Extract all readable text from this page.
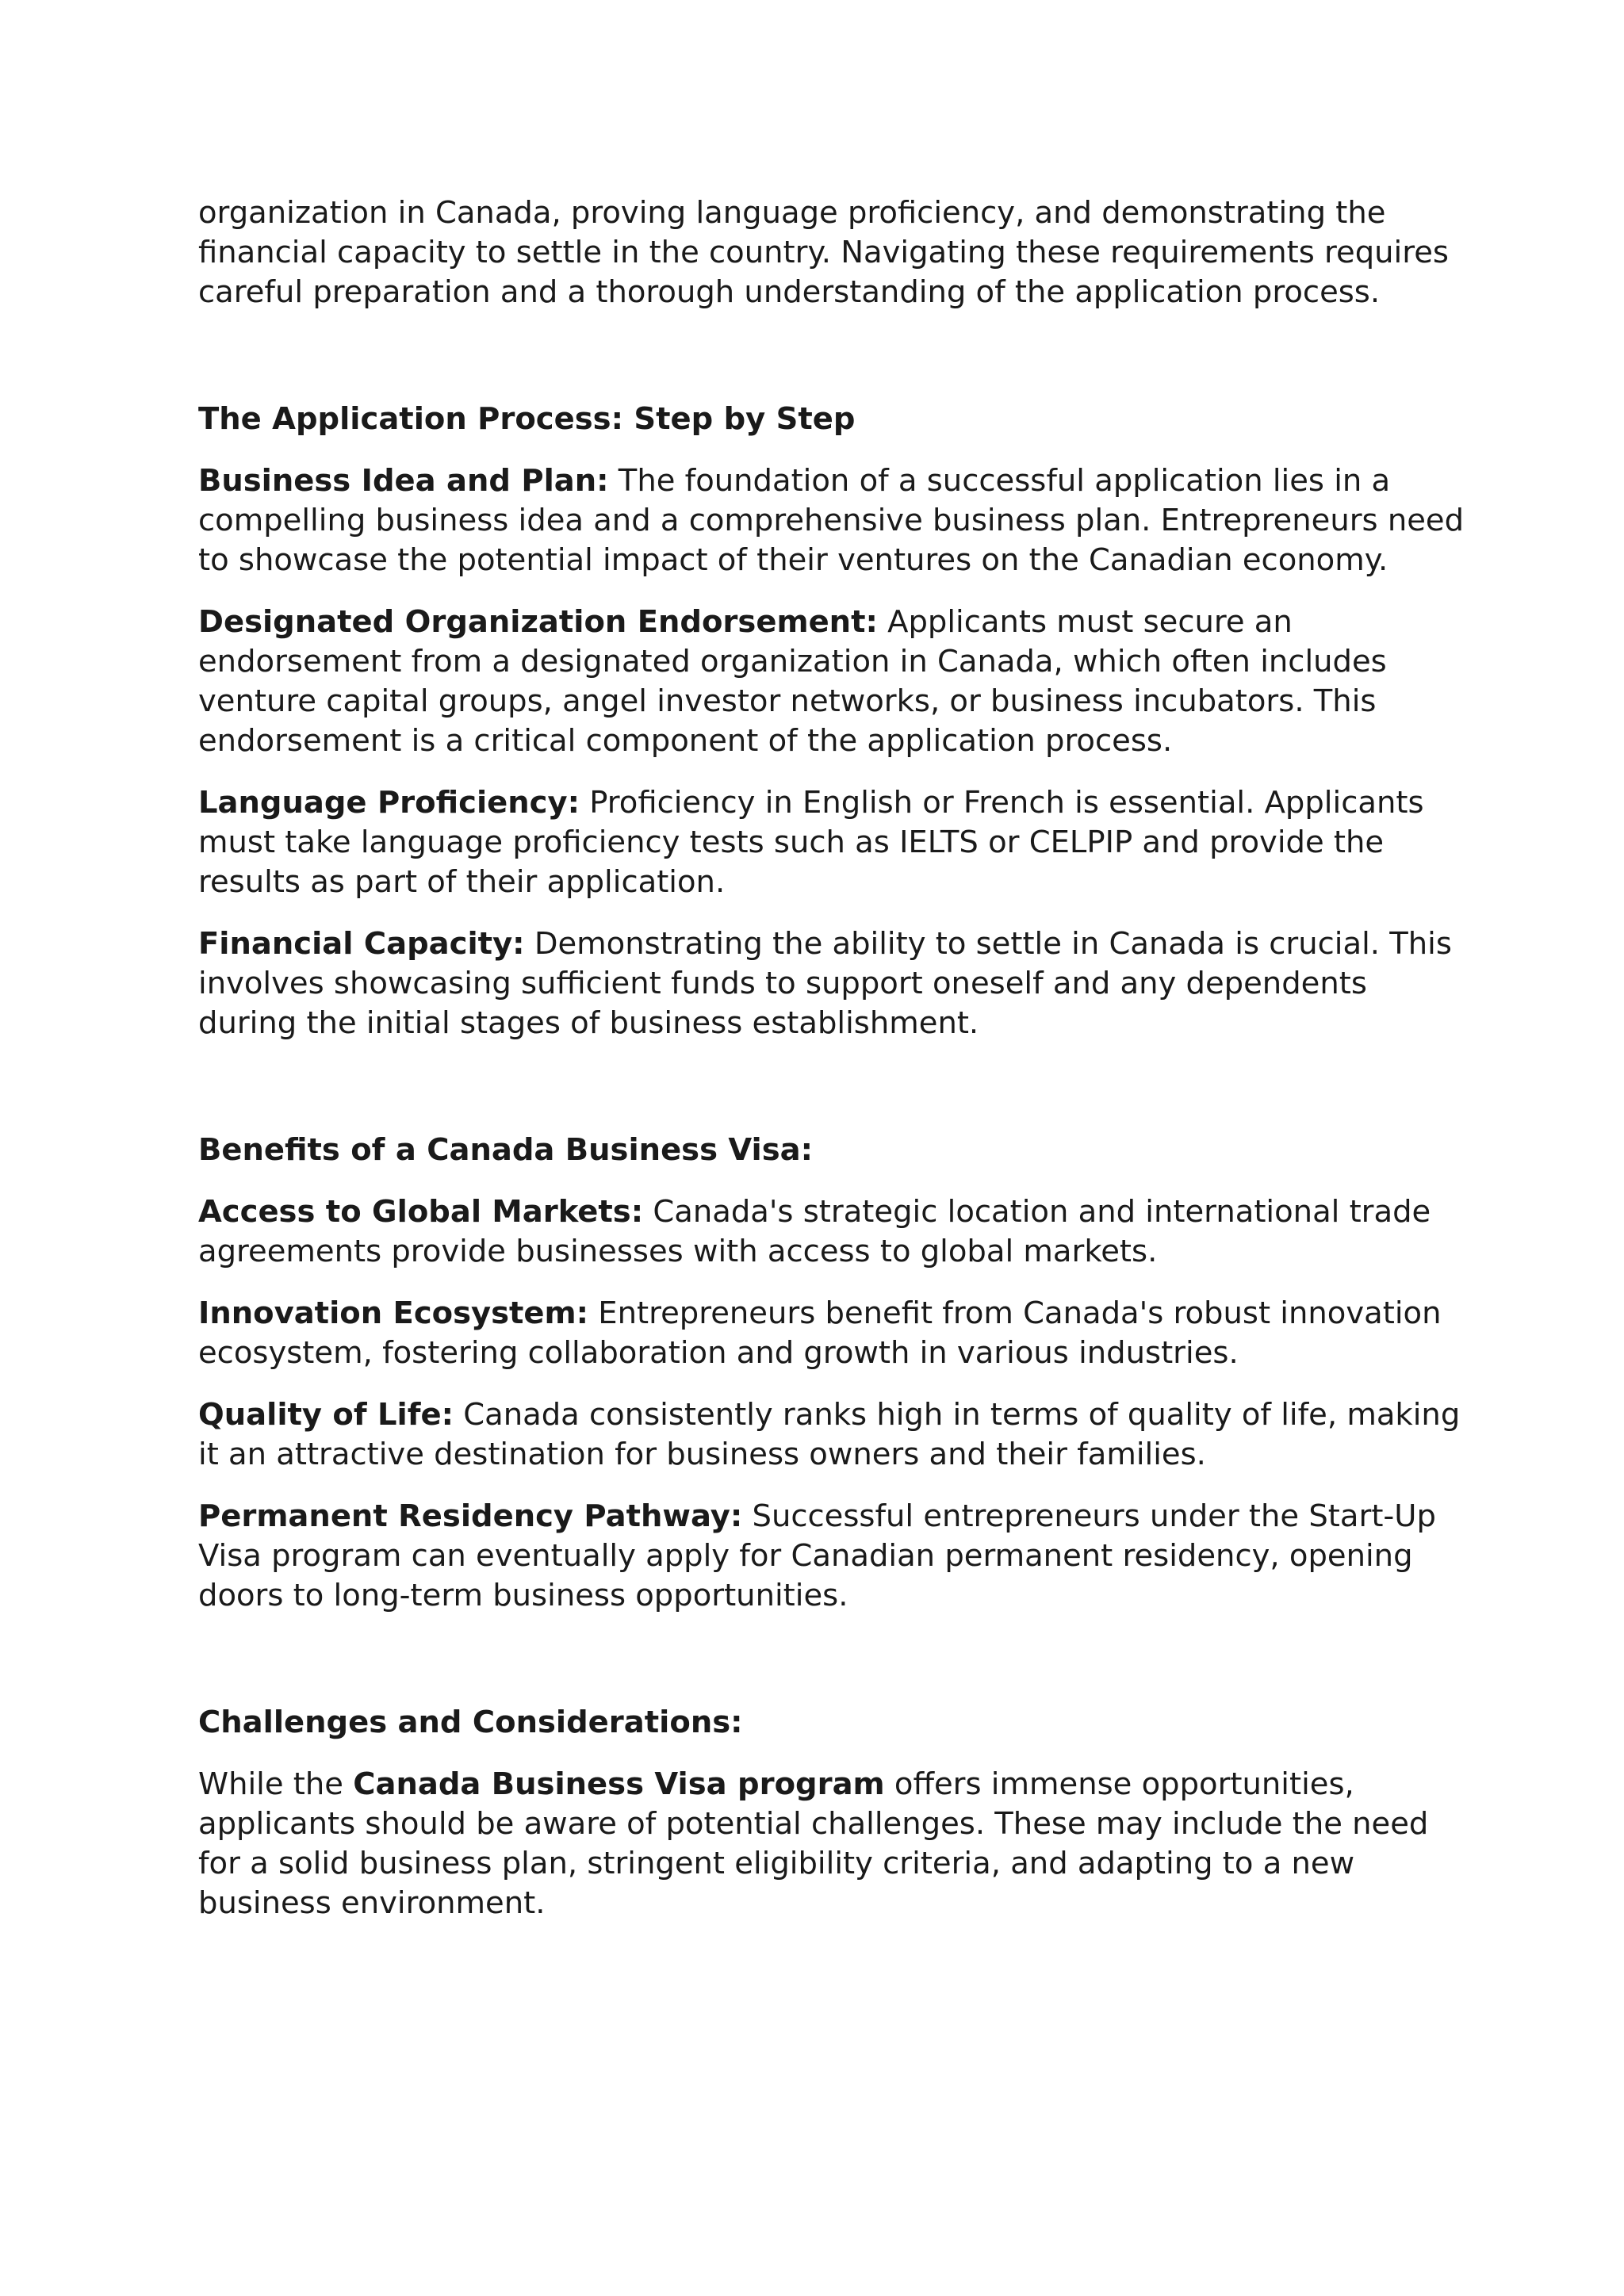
organization in Canada, proving language proficiency, and demonstrating the financial capacity to settle in the country. Navigating these requirements requires careful preparation and a thorough understanding of the application process.

The Application Process: Step by Step

Business Idea and Plan: The foundation of a successful application lies in a compelling business idea and a comprehensive business plan. Entrepreneurs need to showcase the potential impact of their ventures on the Canadian economy.

Designated Organization Endorsement: Applicants must secure an endorsement from a designated organization in Canada, which often includes venture capital groups, angel investor networks, or business incubators. This endorsement is a critical component of the application process.

Language Proficiency: Proficiency in English or French is essential. Applicants must take language proficiency tests such as IELTS or CELPIP and provide the results as part of their application.

Financial Capacity: Demonstrating the ability to settle in Canada is crucial. This involves showcasing sufficient funds to support oneself and any dependents during the initial stages of business establishment.

Benefits of a Canada Business Visa:

Access to Global Markets: Canada's strategic location and international trade agreements provide businesses with access to global markets.

Innovation Ecosystem: Entrepreneurs benefit from Canada's robust innovation ecosystem, fostering collaboration and growth in various industries.

Quality of Life: Canada consistently ranks high in terms of quality of life, making it an attractive destination for business owners and their families.

Permanent Residency Pathway: Successful entrepreneurs under the Start-Up Visa program can eventually apply for Canadian permanent residency, opening doors to long-term business opportunities.

Challenges and Considerations:

While the Canada Business Visa program offers immense opportunities, applicants should be aware of potential challenges. These may include the need for a solid business plan, stringent eligibility criteria, and adapting to a new business environment.
